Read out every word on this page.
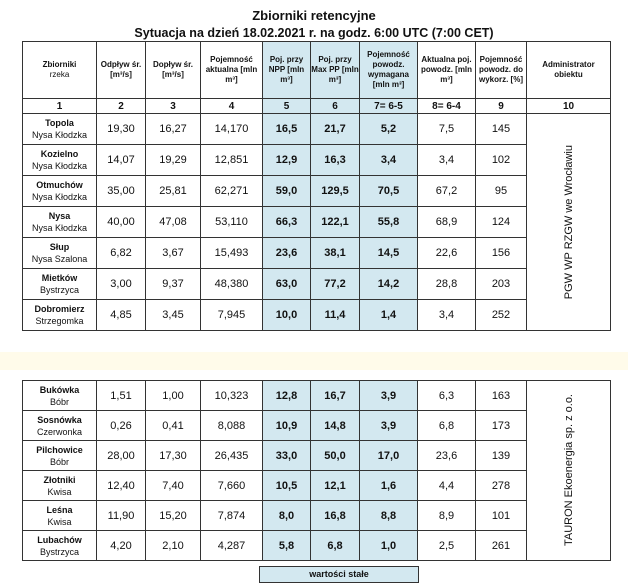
Zbiorniki retencyjne
Sytuacja na dzień 18.02.2021 r. na godz. 6:00 UTC (7:00 CET)
Zbiorniki
rzeka	Odpływ śr. [m³/s]	Dopływ śr. [m³/s]	Pojemność aktualna [mln m³]	Poj. przy NPP [mln m³]	Poj. przy Max PP [mln m³]	Pojemność powodz. wymagana [mln m³]	Aktualna poj. powodz. [mln m³]	Pojemność powodz. do wykorz. [%]	Administrator obiektu
1	2	3	4	5	6	7= 6-5	8= 6-4	9	10

Topola
Nysa Kłodzka	19,30	16,27	14,170	16,5	21,7	5,2	7,5	145	PGW WP RZGW we Wrocławiu

Kozielno
Nysa Kłodzka	14,07	19,29	12,851	12,9	16,3	3,4	3,4	102	

Otmuchów
Nysa Kłodzka	35,00	25,81	62,271	59,0	129,5	70,5	67,2	95	

Nysa
Nysa Kłodzka	40,00	47,08	53,110	66,3	122,1	55,8	68,9	124	

Słup
Nysa Szalona	6,82	3,67	15,493	23,6	38,1	14,5	22,6	156	

Mietków
Bystrzyca	3,00	9,37	48,380	63,0	77,2	14,2	28,8	203	

Dobromierz
Strzegomka	4,85	3,45	7,945	10,0	11,4	1,4	3,4	252	
Bukówka
Bóbr	1,51	1,00	10,323	12,8	16,7	3,9	6,3	163	TAURON Ekoenergia sp. z o.o.

Sosnówka
Czerwonka	0,26	0,41	8,088	10,9	14,8	3,9	6,8	173	

Pilchowice
Bóbr	28,00	17,30	26,435	33,0	50,0	17,0	23,6	139	

Złotniki
Kwisa	12,40	7,40	7,660	10,5	12,1	1,6	4,4	278	

Leśna
Kwisa	11,90	15,20	7,874	8,0	16,8	8,8	8,9	101	

Lubachów
Bystrzyca	4,20	2,10	4,287	5,8	6,8	1,0	2,5	261	
wartości stałe
